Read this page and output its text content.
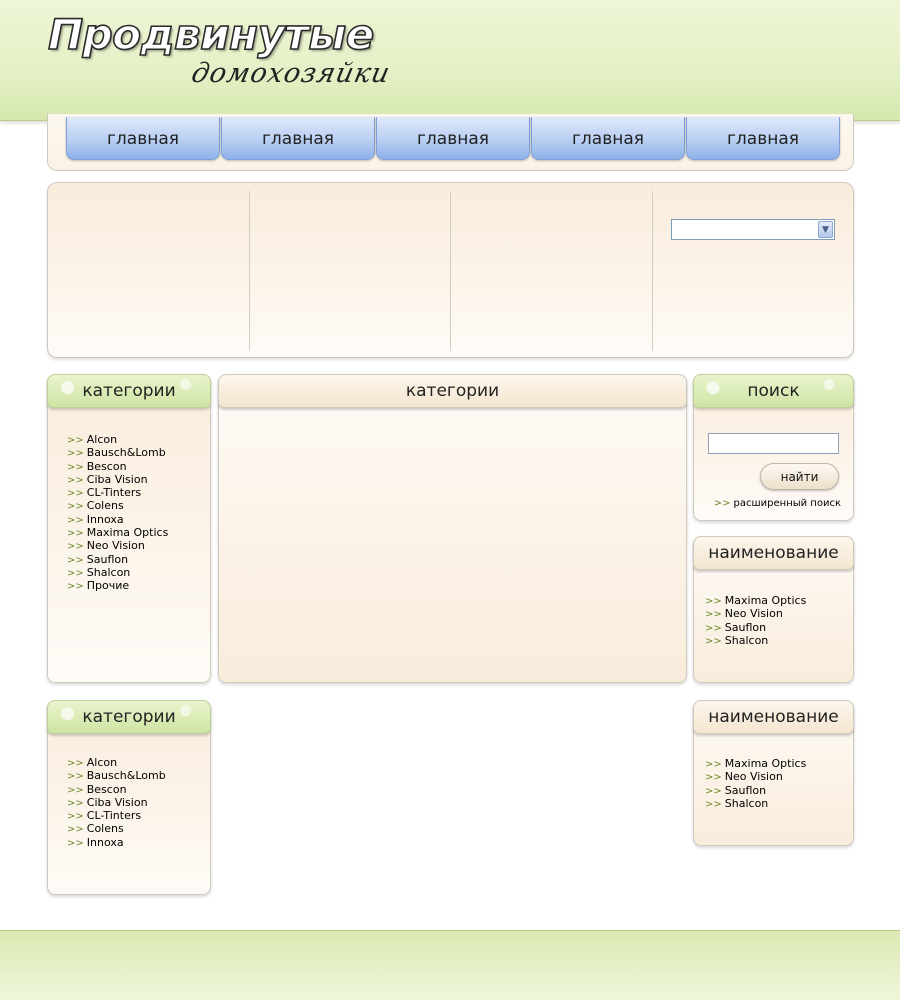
Продвинутые
домохозяйки
главная	главная	главная	главная	главная
▼
категории
>> Alcon
>> Bausch&Lomb
>> Bescon
>> Ciba Vision
>> CL-Tinters
>> Colens
>> Innoxa
>> Maxima Optics
>> Neo Vision
>> Sauflon
>> Shalcon
>> Прочие
категории	поиск
найти
>> расширенный поиск
наименование
>> Maxima Optics
>> Neo Vision
>> Sauflon
>> Shalcon
категории
>> Alcon
>> Bausch&Lomb
>> Bescon
>> Ciba Vision
>> CL-Tinters
>> Colens
>> Innoxa
наименование
>> Maxima Optics
>> Neo Vision
>> Sauflon
>> Shalcon
